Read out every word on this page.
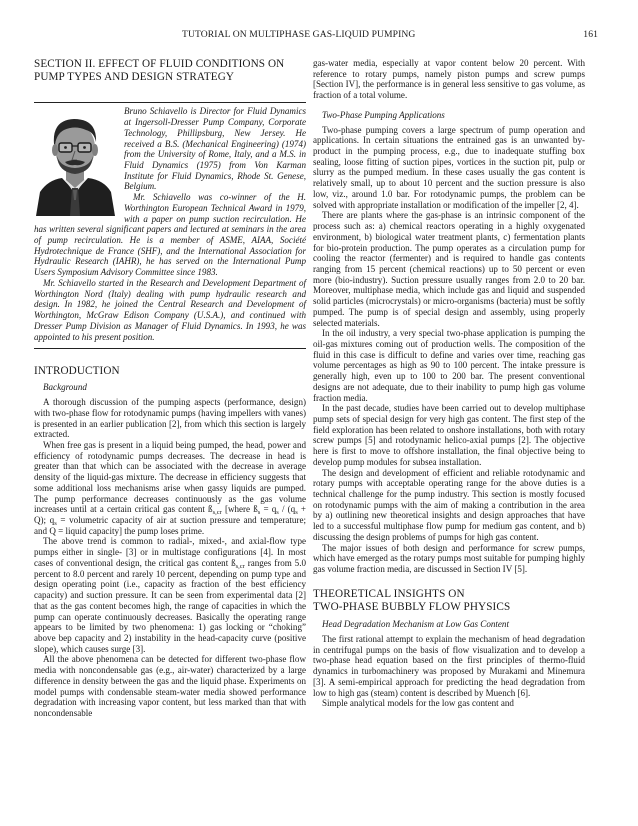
TUTORIAL ON MULTIPHASE GAS-LIQUID PUMPING	161
SECTION II. EFFECT OF FLUID CONDITIONS ON
PUMP TYPES AND DESIGN STRATEGY

Bruno Schiavello is Director for Fluid Dynamics at Ingersoll-Dresser Pump Company, Corporate Technology, Phillipsburg, New Jersey. He received a B.S. (Mechanical Engineering) (1974) from the University of Rome, Italy, and a M.S. in Fluid Dynamics (1975) from Von Karman Institute for Fluid Dynamics, Rhode St. Genese, Belgium.

Mr. Schiavello was co-winner of the H. Worthington European Technical Award in 1979, with a paper on pump suction recirculation. He has written several significant papers and lectured at seminars in the area of pump recirculation. He is a member of ASME, AIAA, Société Hydrotechnique de France (SHF), and the International Association for Hydraulic Research (IAHR), he has served on the International Pump Users Symposium Advisory Committee since 1983.

Mr. Schiavello started in the Research and Development Department of Worthington Nord (Italy) dealing with pump hydraulic research and design. In 1982, he joined the Central Research and Development of Worthington, McGraw Edison Company (U.S.A.), and continued with Dresser Pump Division as Manager of Fluid Dynamics. In 1993, he was appointed to his present position.

INTRODUCTION

Background

A thorough discussion of the pumping aspects (performance, design) with two-phase flow for rotodynamic pumps (having impellers with vanes) is presented in an earlier publication [2], from which this section is largely extracted.

When free gas is present in a liquid being pumped, the head, power and efficiency of rotodynamic pumps decreases. The decrease in head is greater than that which can be associated with the decrease in average density of the liquid-gas mixture. The decrease in efficiency suggests that some additional loss mechanisms arise when gassy liquids are pumped. The pump performance decreases continuously as the gas volume increases until at a certain critical gas content $ß_{s,cr}$ [where $ß_s = q_s / (q_s + Q)$; $q_s$ = volumetric capacity of air at suction pressure and temperature; and Q = liquid capacity] the pump loses prime.

The above trend is common to radial-, mixed-, and axial-flow type pumps either in single- [3] or in multistage configurations [4]. In most cases of conventional design, the critical gas content $ß_{s,cr}$ ranges from 5.0 percent to 8.0 percent and rarely 10 percent, depending on pump type and design operating point (i.e., capacity as fraction of the best efficiency capacity) and suction pressure. It can be seen from experimental data [2] that as the gas content becomes high, the range of capacities in which the pump can operate continuously decreases. Basically the operating range appears to be limited by two phenomena: 1) gas locking or “choking” above bep capacity and 2) instability in the head-capacity curve (positive slope), which causes surge [3].

All the above phenomena can be detected for different two-phase flow media with noncondensable gas (e.g., air-water) characterized by a large difference in density between the gas and the liquid phase. Experiments on model pumps with condensable steam-water media showed performance degradation with increasing vapor content, but less marked than that with noncondensable

gas-water media, especially at vapor content below 20 percent. With reference to rotary pumps, namely piston pumps and screw pumps [Section IV], the performance is in general less sensitive to gas volume, as fraction of a total volume.

Two-Phase Pumping Applications

Two-phase pumping covers a large spectrum of pump operation and applications. In certain situations the entrained gas is an unwanted by-product in the pumping process, e.g., due to inadequate stuffing box sealing, loose fitting of suction pipes, vortices in the suction pit, pulp or slurry as the pumped medium. In these cases usually the gas content is relatively small, up to about 10 percent and the suction pressure is also low, viz., around 1.0 bar. For rotodynamic pumps, the problem can be solved with appropriate installation or modification of the impeller [2, 4].

There are plants where the gas-phase is an intrinsic component of the process such as: a) chemical reactors operating in a highly oxygenated environment, b) biological water treatment plants, c) fermentation plants for bio-protein production. The pump operates as a circulation pump for cooling the reactor (fermenter) and is required to handle gas contents ranging from 15 percent (chemical reactions) up to 50 percent or even more (bio-industry). Suction pressure usually ranges from 2.0 to 20 bar. Moreover, multiphase media, which include gas and liquid and suspended solid particles (microcrystals) or micro-organisms (bacteria) must be softly pumped. The pump is of special design and assembly, using properly selected materials.

In the oil industry, a very special two-phase application is pumping the oil-gas mixtures coming out of production wells. The composition of the fluid in this case is difficult to define and varies over time, reaching gas volume percentages as high as 90 to 100 percent. The intake pressure is generally high, even up to 100 to 200 bar. The present conventional designs are not adequate, due to their inability to pump high gas volume fraction media.

In the past decade, studies have been carried out to develop multiphase pump sets of special design for very high gas content. The first step of the field exploration has been related to onshore installations, both with rotary screw pumps [5] and rotodynamic helico-axial pumps [2]. The objective here is first to move to offshore installation, the final objective being to develop pump modules for subsea installation.

The design and development of efficient and reliable rotodynamic and rotary pumps with acceptable operating range for the above duties is a technical challenge for the pump industry. This section is mostly focused on rotodynamic pumps with the aim of making a contribution in the area by a) outlining new theoretical insights and design approaches that have led to a successful multiphase flow pump for medium gas content, and b) discussing the design problems of pumps for high gas content.

The major issues of both design and performance for screw pumps, which have emerged as the rotary pumps most suitable for pumping highly gas volume fraction media, are discussed in Section IV [5].

THEORETICAL INSIGHTS ON
TWO-PHASE BUBBLY FLOW PHYSICS

Head Degradation Mechanism at Low Gas Content

The first rational attempt to explain the mechanism of head degradation in centrifugal pumps on the basis of flow visualization and to develop a two-phase head equation based on the first principles of thermo-fluid dynamics in turbomachinery was proposed by Murakami and Minemura [3]. A semi-empirical approach for predicting the head degradation from low to high gas (steam) content is described by Muench [6].

Simple analytical models for the low gas content and
